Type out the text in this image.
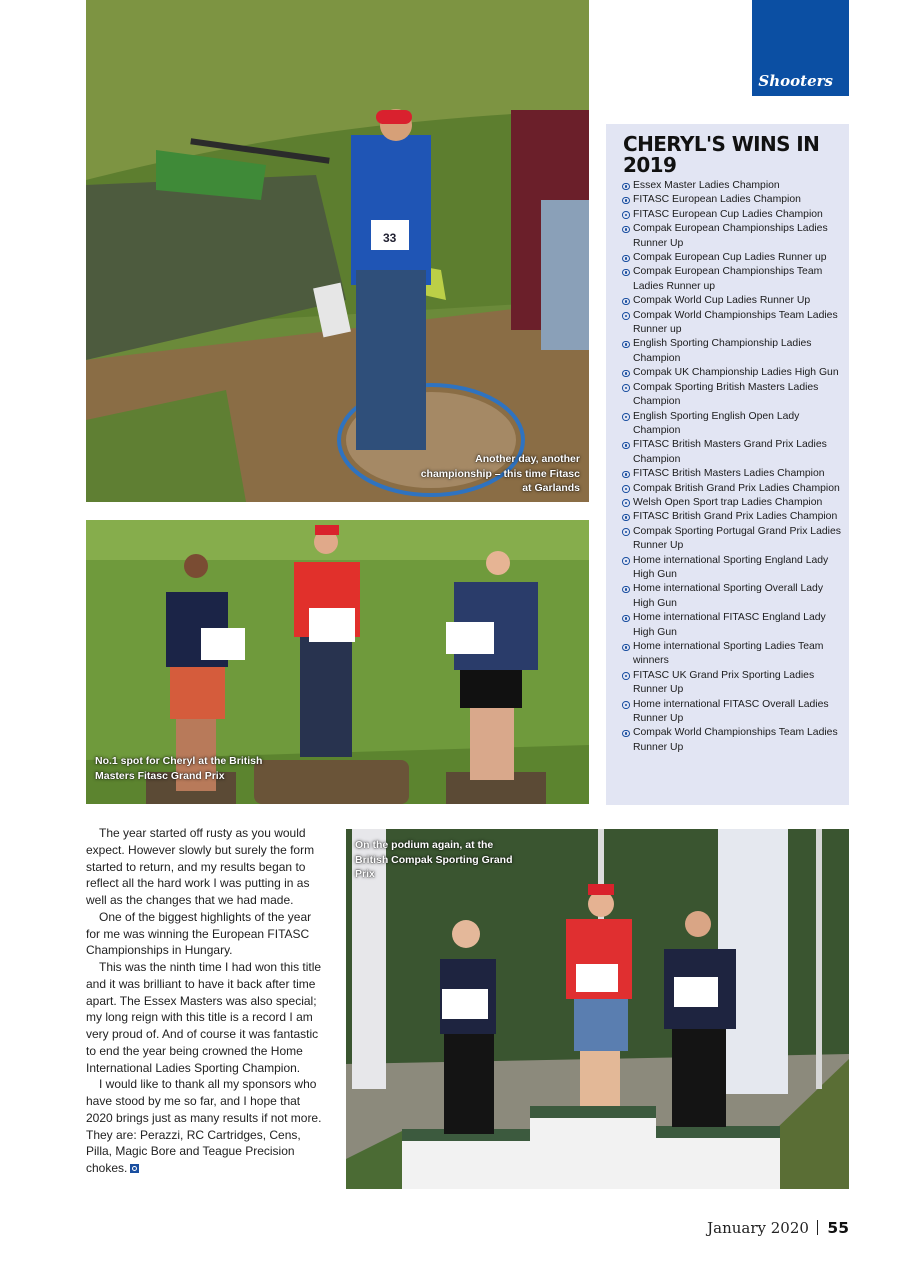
33
Another day, another championship – this time Fitasc at Garlands
No.1 spot for Cheryl at the British Masters Fitasc Grand Prix
On the podium again, at the British Compak Sporting Grand Prix
Shooters
CHERYL'S WINS IN 2019
Essex Master Ladies Champion
FITASC European Ladies Champion
FITASC European Cup Ladies Champion
Compak European Championships Ladies Runner Up
Compak European Cup Ladies Runner up
Compak European Championships Team Ladies Runner up
Compak World Cup Ladies Runner Up
Compak World Championships Team Ladies Runner up
English Sporting Championship Ladies Champion
Compak UK Championship Ladies High Gun
Compak Sporting British Masters Ladies Champion
English Sporting English Open Lady Champion
FITASC British Masters Grand Prix Ladies Champion
FITASC British Masters Ladies Champion
Compak British Grand Prix Ladies Champion
Welsh Open Sport trap Ladies Champion
FITASC British Grand Prix Ladies Champion
Compak Sporting Portugal Grand Prix Ladies Runner Up
Home international Sporting England Lady High Gun
Home international Sporting Overall Lady High Gun
Home international FITASC England Lady High Gun
Home international Sporting Ladies Team winners
FITASC UK Grand Prix Sporting Ladies Runner Up
Home international FITASC Overall Ladies Runner Up
Compak World Championships Team Ladies Runner Up

The year started off rusty as you would expect. However slowly but surely the form started to return, and my results began to reflect all the hard work I was putting in as well as the changes that we had made.

One of the biggest highlights of the year for me was winning the European FITASC Championships in Hungary.

This was the ninth time I had won this title and it was brilliant to have it back after time apart. The Essex Masters was also special; my long reign with this title is a record I am very proud of. And of course it was fantastic to end the year being crowned the Home International Ladies Sporting Champion.

I would like to thank all my sponsors who have stood by me so far, and I hope that 2020 brings just as many results if not more. They are: Perazzi, RC Cartridges, Cens, Pilla, Magic Bore and Teague Precision chokes.

January 2020 55
